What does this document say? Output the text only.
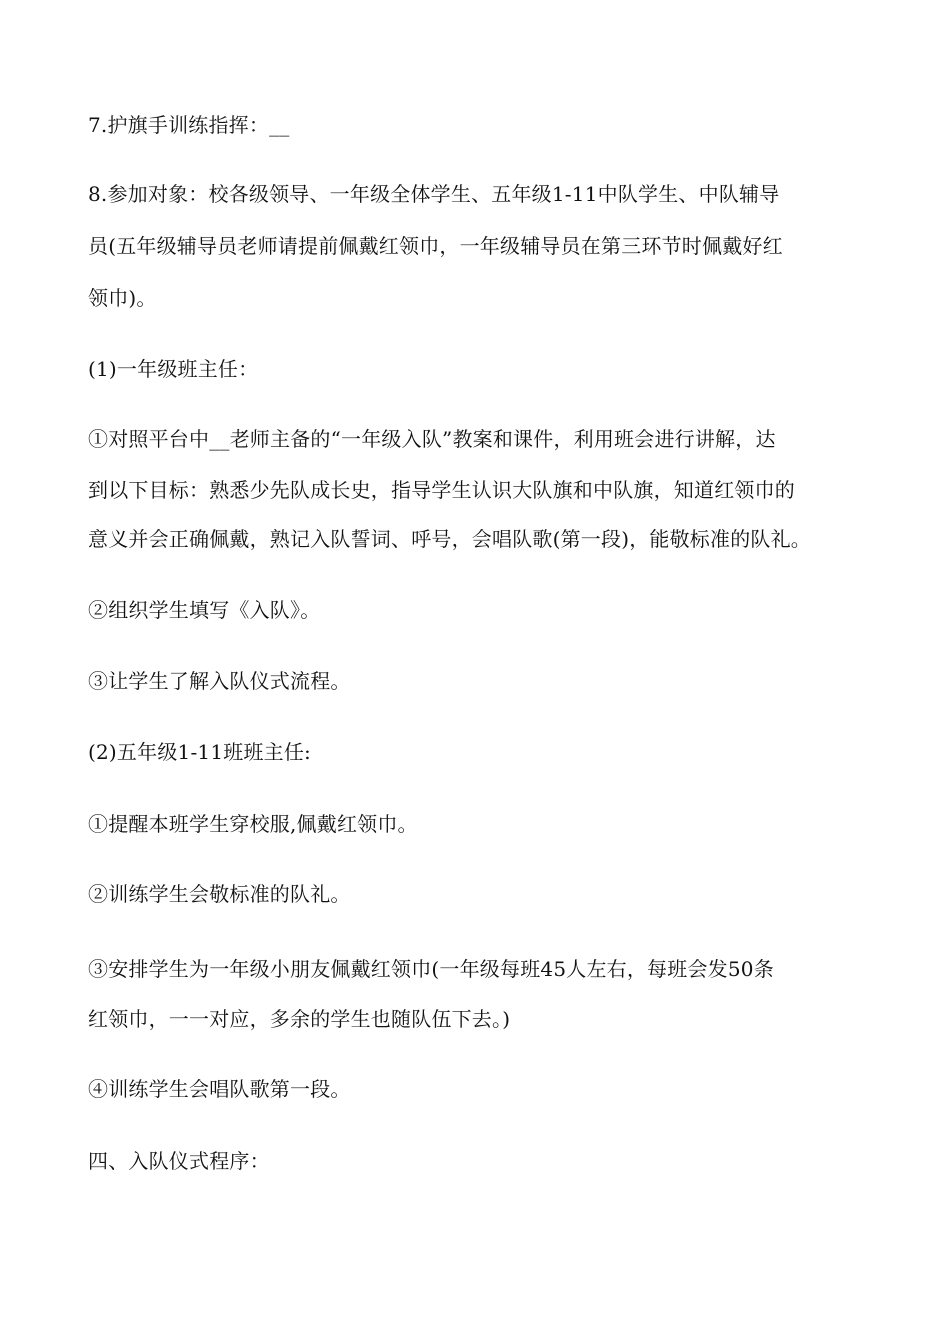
7.护旗手训练指挥：__
8.参加对象：校各级领导、一年级全体学生、五年级1-11中队学生、中队辅导
员(五年级辅导员老师请提前佩戴红领巾，一年级辅导员在第三环节时佩戴好红
领巾)。
(1)一年级班主任：
①对照平台中__老师主备的“一年级入队”教案和课件，利用班会进行讲解，达
到以下目标：熟悉少先队成长史，指导学生认识大队旗和中队旗，知道红领巾的
意义并会正确佩戴，熟记入队誓词、呼号，会唱队歌(第一段)，能敬标准的队礼。
②组织学生填写《入队》。
③让学生了解入队仪式流程。
(2)五年级1-11班班主任:
①提醒本班学生穿校服,佩戴红领巾。
②训练学生会敬标准的队礼。
③安排学生为一年级小朋友佩戴红领巾(一年级每班45人左右，每班会发50条
红领巾，一一对应，多余的学生也随队伍下去。)
④训练学生会唱队歌第一段。
四、入队仪式程序：
